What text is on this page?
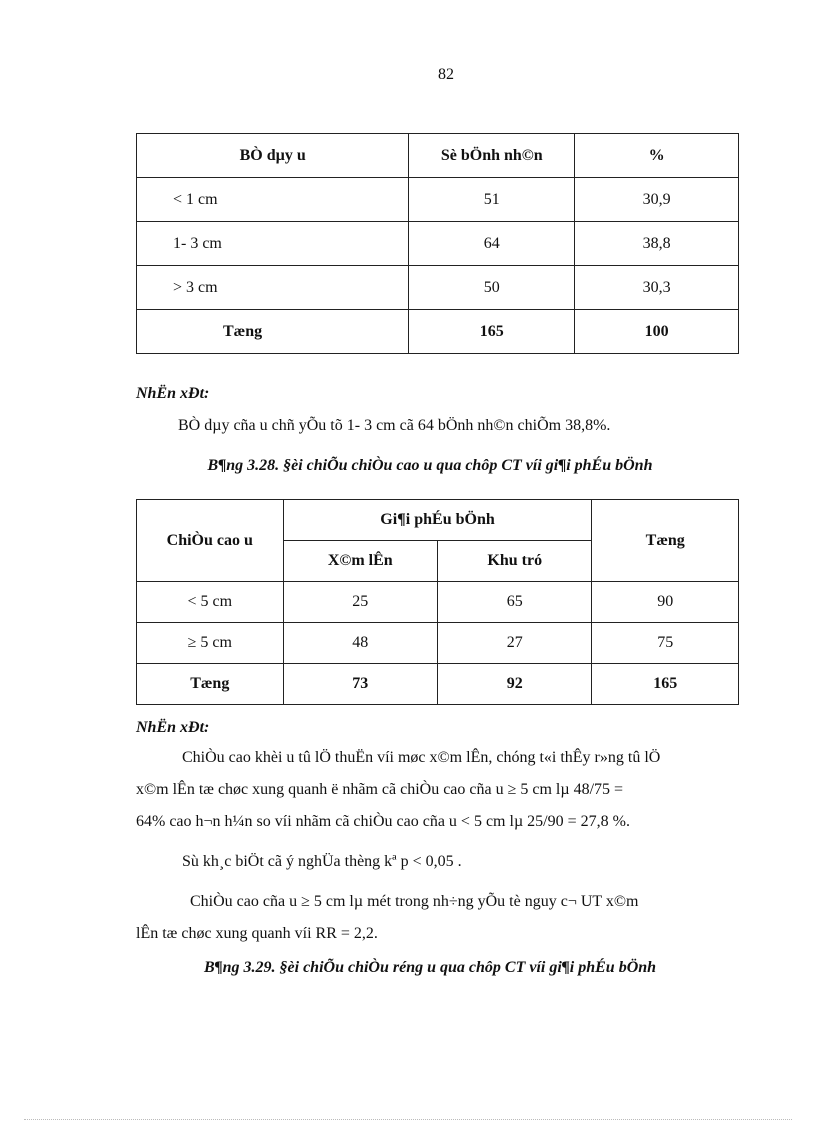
82
BÒ dµy u	Sè bÖnh nh©n	%
< 1 cm	51	30,9
1- 3 cm	64	38,8
> 3 cm	50	30,3
Tæng	165	100
NhËn xÐt:
BÒ dµy cña u chñ yÕu tõ 1- 3 cm cã 64 bÖnh nh©n chiÕm 38,8%.
B¶ng 3.28. §èi chiÕu chiÒu cao u qua chôp CT víi gi¶i phÉu bÖnh
ChiÒu cao u	Gi¶i phÉu bÖnh		Tæng
	X©m lÊn	Khu tró	
< 5 cm	25	65	90
≥ 5 cm	48	27	75
Tæng	73	92	165
NhËn xÐt:
ChiÒu cao khèi u tû lÖ thuËn víi møc x©m lÊn, chóng t«i thÊy r»ng tû lÖ
x©m lÊn tæ chøc xung quanh ë nhãm cã chiÒu cao cña u ≥ 5 cm lµ 48/75 =
64% cao h¬n h¼n so víi nhãm cã chiÒu cao cña u < 5 cm lµ 25/90 = 27,8 %.
Sù kh¸c biÖt cã ý nghÜa thèng kª p < 0,05 .
ChiÒu cao cña u ≥ 5 cm lµ mét trong nh÷ng yÕu tè nguy c¬ UT x©m
lÊn tæ chøc xung quanh víi RR = 2,2.
B¶ng 3.29. §èi chiÕu chiÒu réng u qua chôp CT víi gi¶i phÉu bÖnh
